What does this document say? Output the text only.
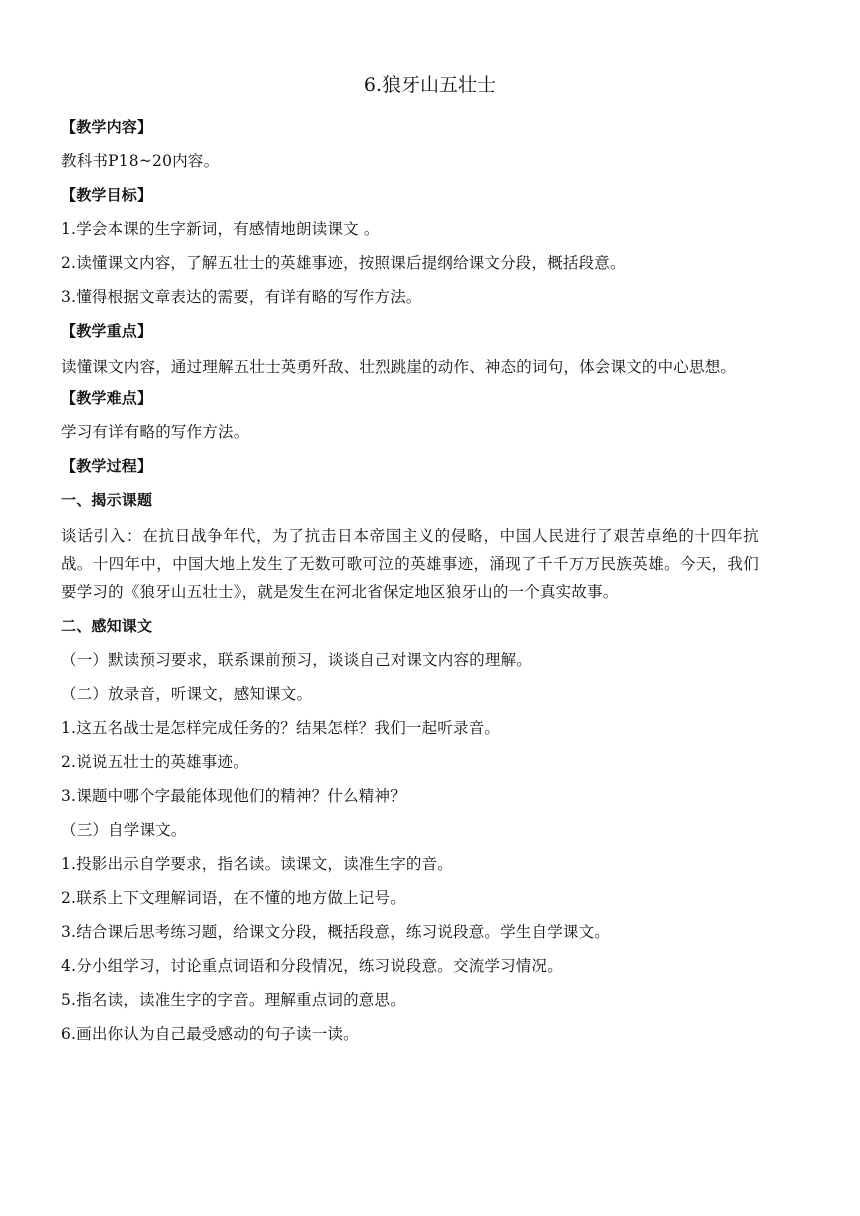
6.狼牙山五壮士
【教学内容】
教科书P18~20内容。
【教学目标】
1.学会本课的生字新词，有感情地朗读课文 。
2.读懂课文内容，了解五壮士的英雄事迹，按照课后提纲给课文分段，概括段意。
3.懂得根据文章表达的需要，有详有略的写作方法。
【教学重点】
读懂课文内容，通过理解五壮士英勇歼敌、壮烈跳崖的动作、神态的词句，体会课文的中心思想。
【教学难点】
学习有详有略的写作方法。
【教学过程】
一、揭示课题
谈话引入：在抗日战争年代，为了抗击日本帝国主义的侵略，中国人民进行了艰苦卓绝的十四年抗战。十四年中，中国大地上发生了无数可歌可泣的英雄事迹，涌现了千千万万民族英雄。今天，我们要学习的《狼牙山五壮士》，就是发生在河北省保定地区狼牙山的一个真实故事。
二、感知课文
（一）默读预习要求，联系课前预习，谈谈自己对课文内容的理解。
（二）放录音，听课文，感知课文。
1.这五名战士是怎样完成任务的？结果怎样？我们一起听录音。
2.说说五壮士的英雄事迹。
3.课题中哪个字最能体现他们的精神？什么精神？
（三）自学课文。
1.投影出示自学要求，指名读。读课文，读准生字的音。
2.联系上下文理解词语，在不懂的地方做上记号。
3.结合课后思考练习题，给课文分段，概括段意，练习说段意。学生自学课文。
4.分小组学习，讨论重点词语和分段情况，练习说段意。交流学习情况。
5.指名读，读准生字的字音。理解重点词的意思。
6.画出你认为自己最受感动的句子读一读。
